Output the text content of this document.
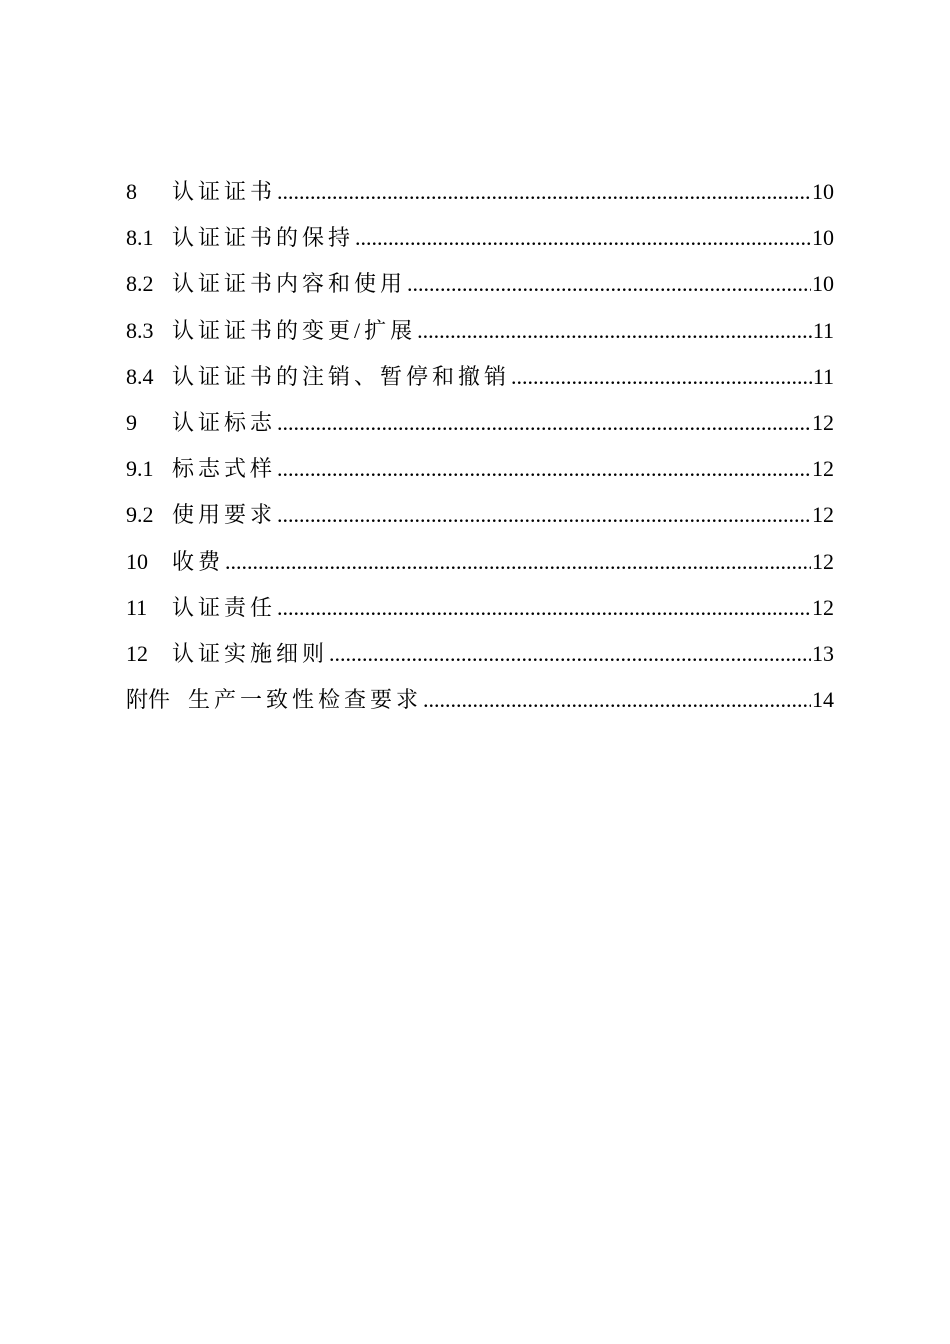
8	认证证书 .....	10
8.1 认证证书的保持 .....	10
8.2 认证证书内容和使用 .....	10
8.3 认证证书的变更/扩展 .....	11
8.4 认证证书的注销、暂停和撤销 .....	11
9	认证标志 .....	12
9.1 标志式样 .....	12
9.2 使用要求 .....	12
10	收费 .....	12
11	认证责任 .....	12
12	认证实施细则 .....	13
附件 生产一致性检查要求 .....	14
